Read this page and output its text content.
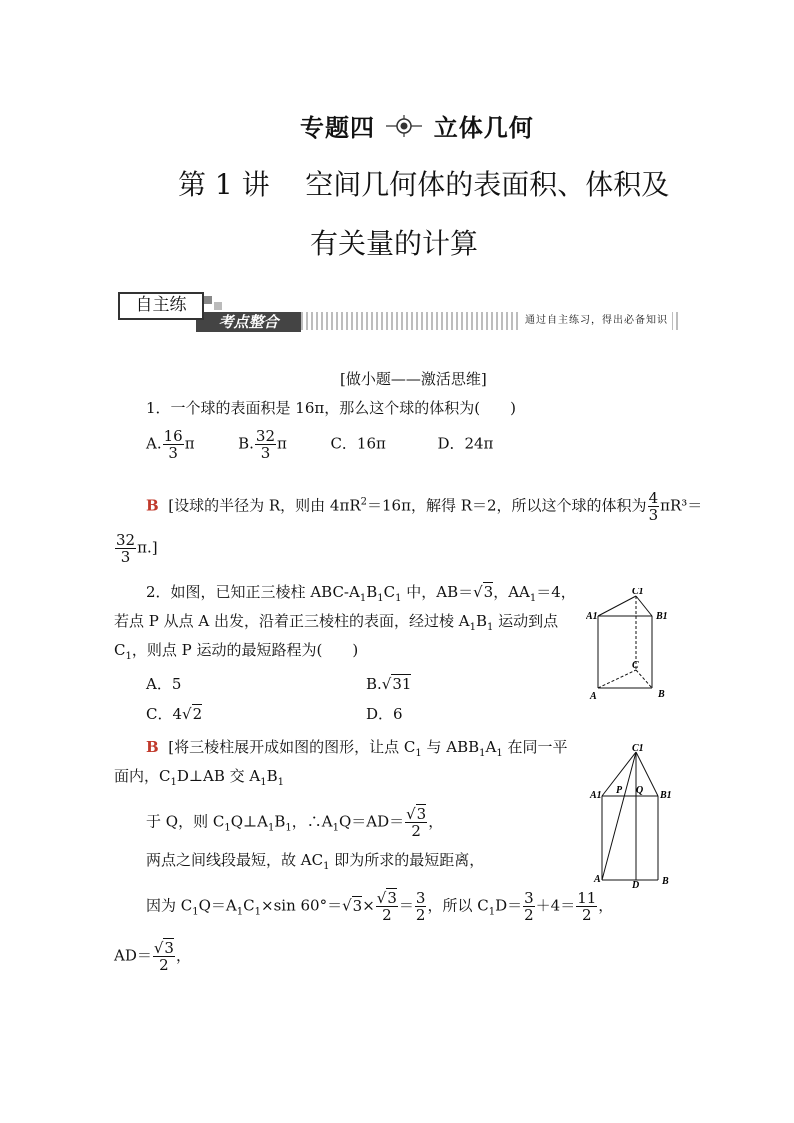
专题四 立体几何
第 1 讲 空间几何体的表面积、体积及
有关量的计算
考点整合
自主练
通过自主练习，得出必备知识
[做小题——激活思维]
1．一个球的表面积是 16π，那么这个球的体积为(　　)
A. $\frac{16}{3}$ π	B. $\frac{32}{3}$ π	C．16π	D．24π
B [设球的半径为 R，则由 $4\pi R^2=16\pi$，解得 R＝2，所以这个球的体积为 $\frac{4}{3} \pi R^3=$
$\frac{32}{3} \pi$.]
2．如图，已知正三棱柱 ABC-$A_1B_1C_1$ 中，AB＝√3，$AA_1=4$，
若点 P 从点 A 出发，沿着正三棱柱的表面，经过棱 $A_1B_1$ 运动到点
$C_1$，则点 P 运动的最短路程为(　　)
A．5	B.√31
C．4√2	D．6
C1
A1	B1
C
A	B
B [将三棱柱展开成如图的图形，让点 $C_1$ 与 $ABB_1A_1$ 在同一平
面内，$C_1D\perp AB$ 交 $A_1B_1$
于 Q，则 $C_1Q\perp A_1B_1$，$\therefore A_1Q=AD= \frac{√3}{2}$ ，
两点之间线段最短，故 $AC_1$ 即为所求的最短距离，
因为 $C_1Q=A_1C_1\times\sin$ $60^\circ=√3\times \frac{√3}{2} = \frac{3}{2}$ ，所以 $C_1D= \frac{3}{2} +4= \frac{11}{2}$ ，
$AD= \frac{√3}{2}$ ，
C1
A1 P Q B1
A
D B
